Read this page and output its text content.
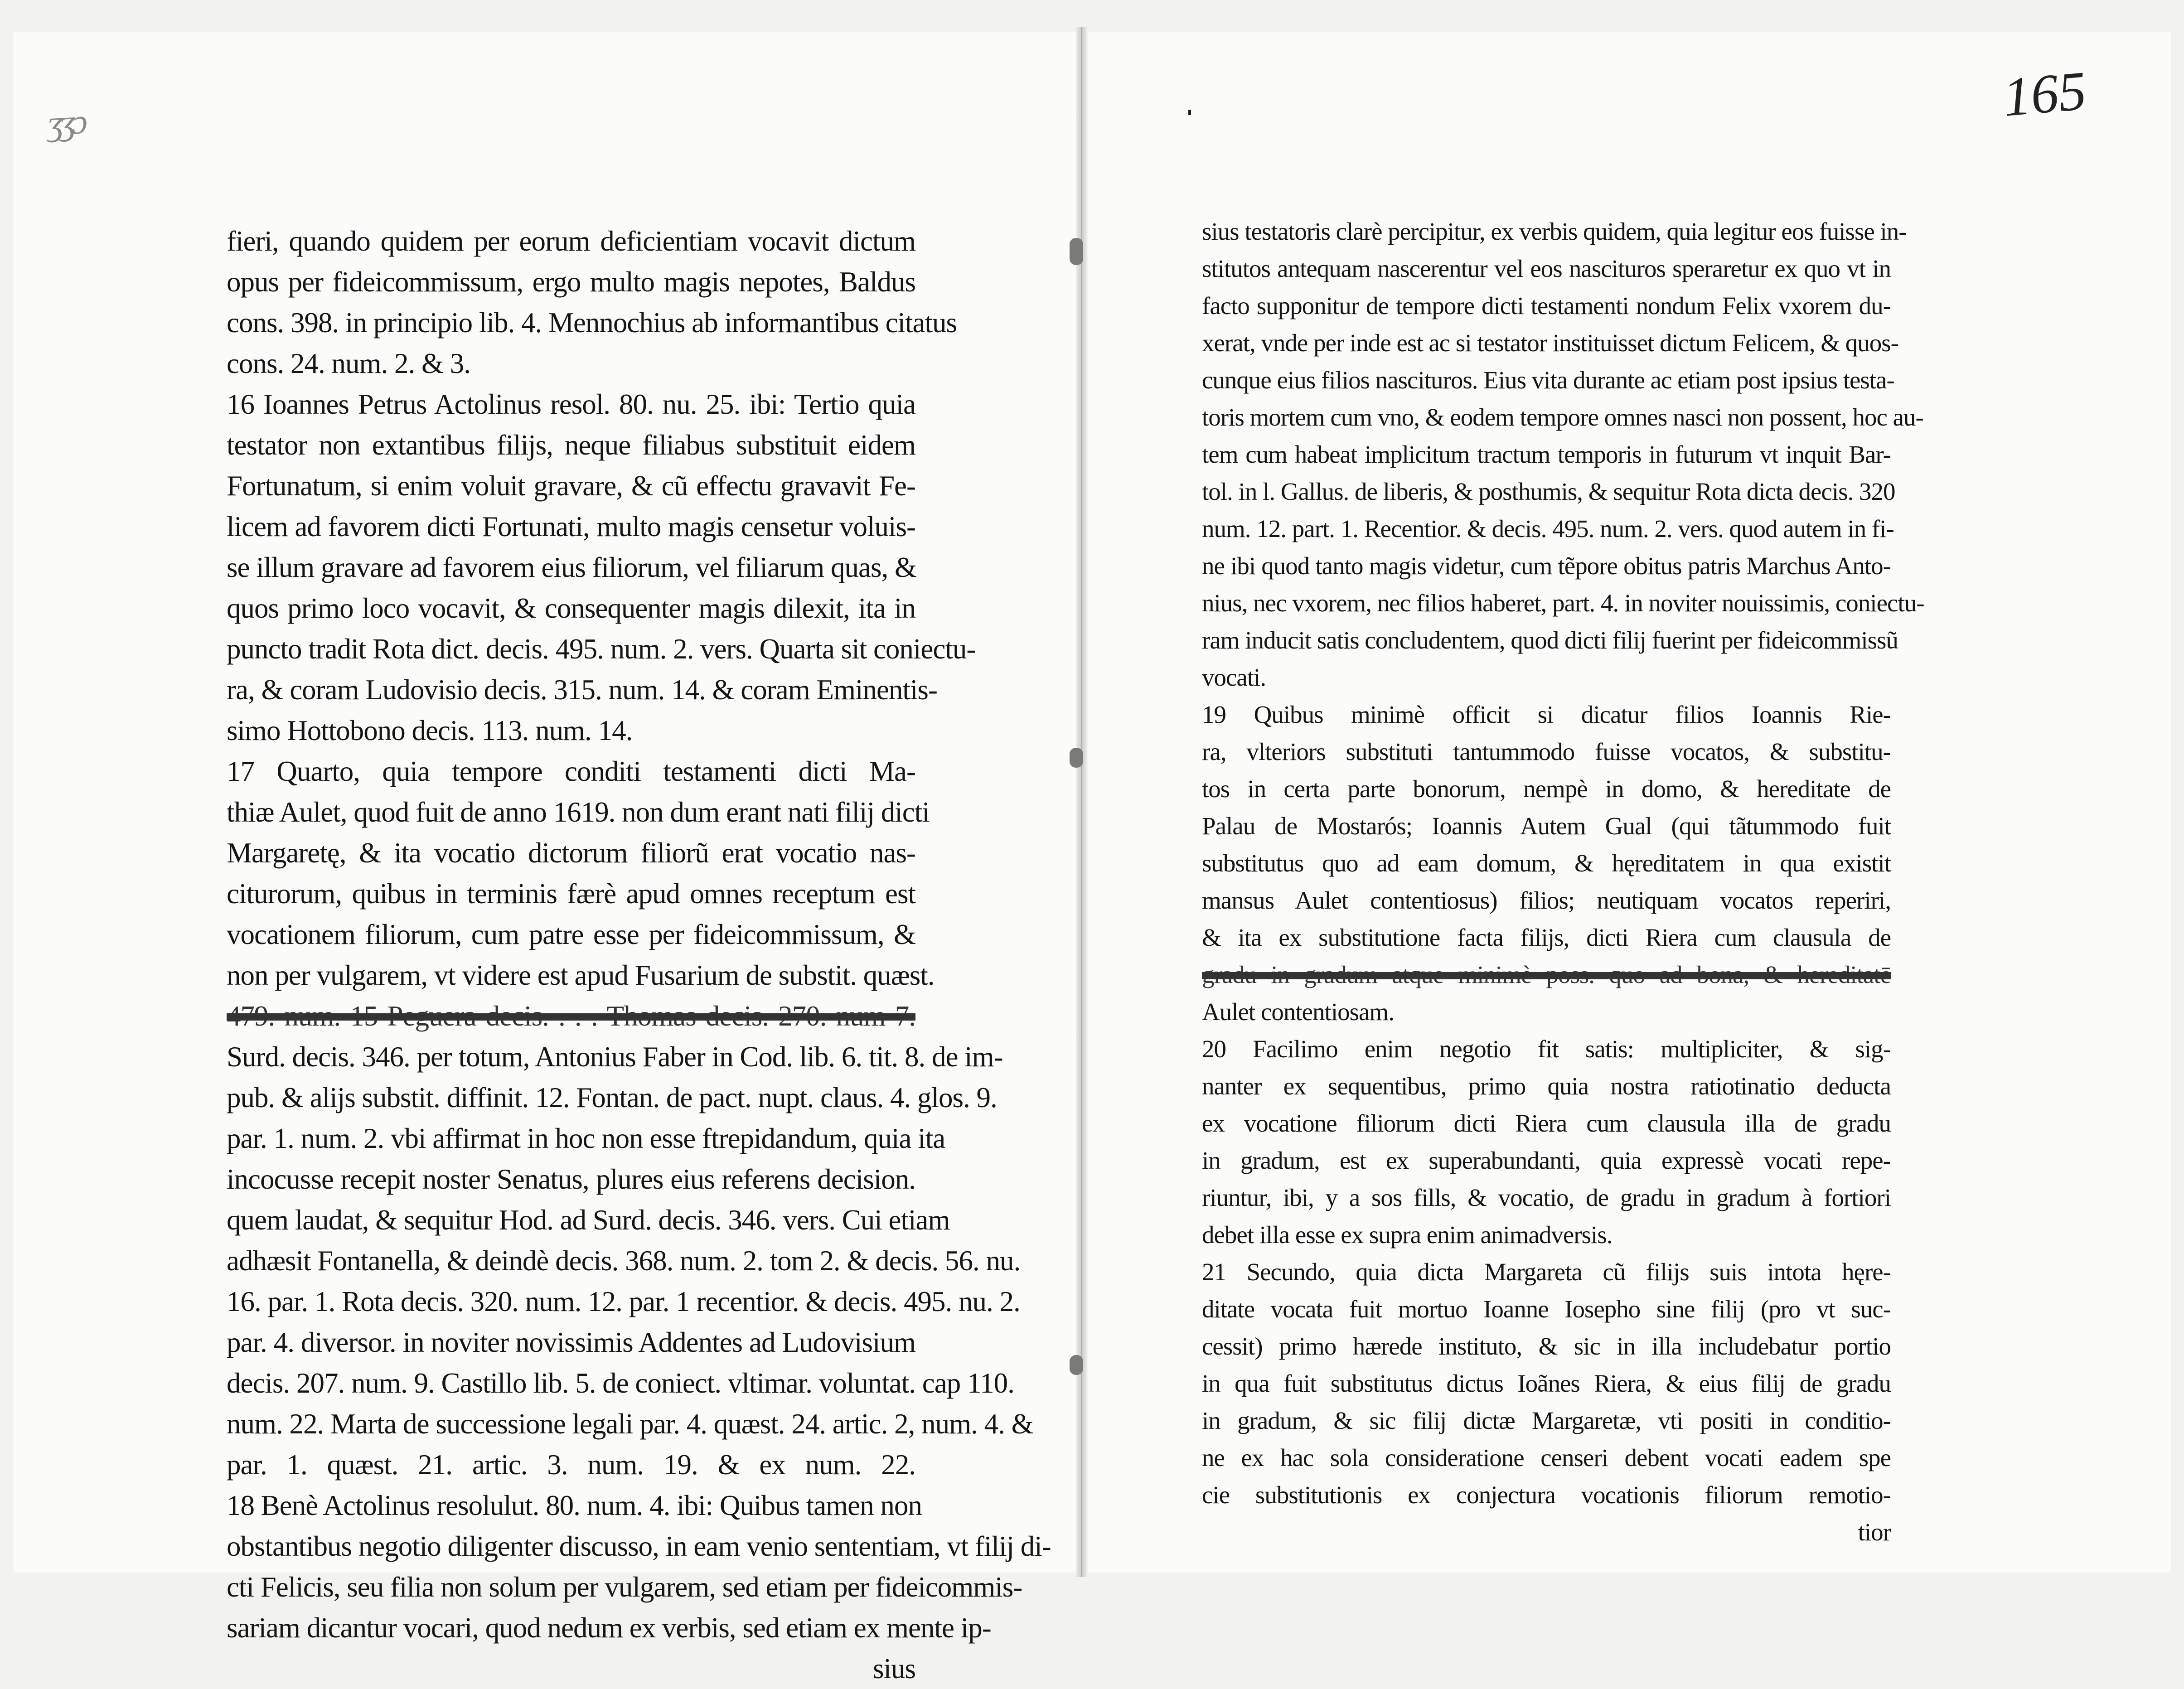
ʒʒɔ	165
fieri, quando quidem per eorum deficientiam vocavit dictum
opus per fideicommissum, ergo multo magis nepotes, Baldus
cons. 398. in principio lib. 4. Mennochius ab informantibus citatus
cons. 24. num. 2. & 3.
16 Ioannes Petrus Actolinus resol. 80. nu. 25. ibi: Tertio quia
testator non extantibus filijs, neque filiabus substituit eidem
Fortunatum, si enim voluit gravare, & cũ effectu gravavit Fe-
licem ad favorem dicti Fortunati, multo magis censetur voluis-
se illum gravare ad favorem eius filiorum, vel filiarum quas, &
quos primo loco vocavit, & consequenter magis dilexit, ita in
puncto tradit Rota dict. decis. 495. num. 2. vers. Quarta sit coniectu-
ra, & coram Ludovisio decis. 315. num. 14. & coram Eminentis-
simo Hottobono decis. 113. num. 14.
17 Quarto, quia tempore conditi testamenti dicti Ma-
thiæ Aulet, quod fuit de anno 1619. non dum erant nati filij dicti
Margaretę, & ita vocatio dictorum filiorũ erat vocatio nas-
citurorum, quibus in terminis færè apud omnes receptum est
vocationem filiorum, cum patre esse per fideicommissum, &
non per vulgarem, vt videre est apud Fusarium de substit. quæst.
479. num. 15 Peguera decis. . . . Thomas decis. 270. num 7.
Surd. decis. 346. per totum, Antonius Faber in Cod. lib. 6. tit. 8. de im-
pub. & alijs substit. diffinit. 12. Fontan. de pact. nupt. claus. 4. glos. 9.
par. 1. num. 2. vbi affirmat in hoc non esse ftrepidandum, quia ita
incocusse recepit noster Senatus, plures eius referens decision.
quem laudat, & sequitur Hod. ad Surd. decis. 346. vers. Cui etiam
adhæsit Fontanella, & deindè decis. 368. num. 2. tom 2. & decis. 56. nu.
16. par. 1. Rota decis. 320. num. 12. par. 1 recentior. & decis. 495. nu. 2.
par. 4. diversor. in noviter novissimis Addentes ad Ludovisium
decis. 207. num. 9. Castillo lib. 5. de coniect. vltimar. voluntat. cap 110.
num. 22. Marta de successione legali par. 4. quæst. 24. artic. 2, num. 4. &
par. 1. quæst. 21. artic. 3. num. 19. & ex num. 22.
18 Benè Actolinus resolulut. 80. num. 4. ibi: Quibus tamen non
obstantibus negotio diligenter discusso, in eam venio sententiam, vt filij di-
cti Felicis, seu filia non solum per vulgarem, sed etiam per fideicommis-
sariam dicantur vocari, quod nedum ex verbis, sed etiam ex mente ip-
sius
sius testatoris clarè percipitur, ex verbis quidem, quia legitur eos fuisse in-
stitutos antequam nascerentur vel eos nascituros speraretur ex quo vt in
facto supponitur de tempore dicti testamenti nondum Felix vxorem du-
xerat, vnde per inde est ac si testator instituisset dictum Felicem, & quos-
cunque eius filios nascituros. Eius vita durante ac etiam post ipsius testa-
toris mortem cum vno, & eodem tempore omnes nasci non possent, hoc au-
tem cum habeat implicitum tractum temporis in futurum vt inquit Bar-
tol. in l. Gallus. de liberis, & posthumis, & sequitur Rota dicta decis. 320
num. 12. part. 1. Recentior. & decis. 495. num. 2. vers. quod autem in fi-
ne ibi quod tanto magis videtur, cum tẽpore obitus patris Marchus Anto-
nius, nec vxorem, nec filios haberet, part. 4. in noviter nouissimis, coniectu-
ram inducit satis concludentem, quod dicti filij fuerint per fideicommissũ
vocati.
19 Quibus minimè officit si dicatur filios Ioannis Rie-
ra, vlteriors substituti tantummodo fuisse vocatos, & substitu-
tos in certa parte bonorum, nempè in domo, & hereditate de
Palau de Mostarós; Ioannis Autem Gual (qui tãtummodo fuit
substitutus quo ad eam domum, & hęreditatem in qua existit
mansus Aulet contentiosus) filios; neutiquam vocatos reperiri,
& ita ex substitutione facta filijs, dicti Riera cum clausula de
gradu in gradum atque minimè poss. quo ad bona, & hereditatē
Aulet contentiosam.
20 Facilimo enim negotio fit satis: multipliciter, & sig-
nanter ex sequentibus, primo quia nostra ratiotinatio deducta
ex vocatione filiorum dicti Riera cum clausula illa de gradu
in gradum, est ex superabundanti, quia expressè vocati repe-
riuntur, ibi, y a sos fills, & vocatio, de gradu in gradum à fortiori
debet illa esse ex supra enim animadversis.
21 Secundo, quia dicta Margareta cũ filijs suis intota hęre-
ditate vocata fuit mortuo Ioanne Iosepho sine filij (pro vt suc-
cessit) primo hærede instituto, & sic in illa includebatur portio
in qua fuit substitutus dictus Ioãnes Riera, & eius filij de gradu
in gradum, & sic filij dictæ Margaretæ, vti positi in conditio-
ne ex hac sola consideratione censeri debent vocati eadem spe
cie substitutionis ex conjectura vocationis filiorum remotio-
tior
